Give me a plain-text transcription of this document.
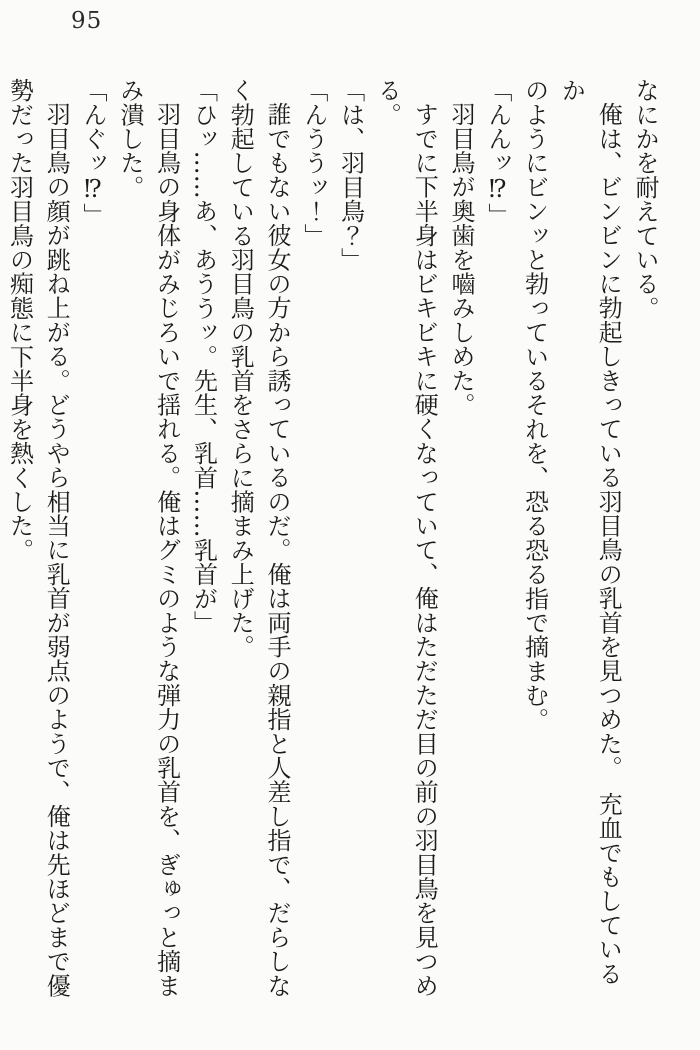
95

なにかを耐えている。

俺は、ビンビンに勃起しきっている羽目鳥の乳首を見つめた。　充血でもしているか

のようにビンッと勃っているそれを、恐る恐る指で摘まむ。

「んんッ⁉」

羽目鳥が奥歯を嚙みしめた。

すでに下半身はビキビキに硬くなっていて、俺はただただ目の前の羽目鳥を見つめ

る。

「は、羽目鳥？」

「んううッ！」

誰でもない彼女の方から誘っているのだ。俺は両手の親指と人差し指で、だらしな

く勃起している羽目鳥の乳首をさらに摘まみ上げた。

「ひッ……あ、あううッ。先生、乳首……乳首が」

羽目鳥の身体がみじろいで揺れる。俺はグミのような弾力の乳首を、ぎゅっと摘ま

み潰した。

「んぐッ⁉」

羽目鳥の顔が跳ね上がる。どうやら相当に乳首が弱点のようで、俺は先ほどまで優

勢だった羽目鳥の痴態に下半身を熱くした。
